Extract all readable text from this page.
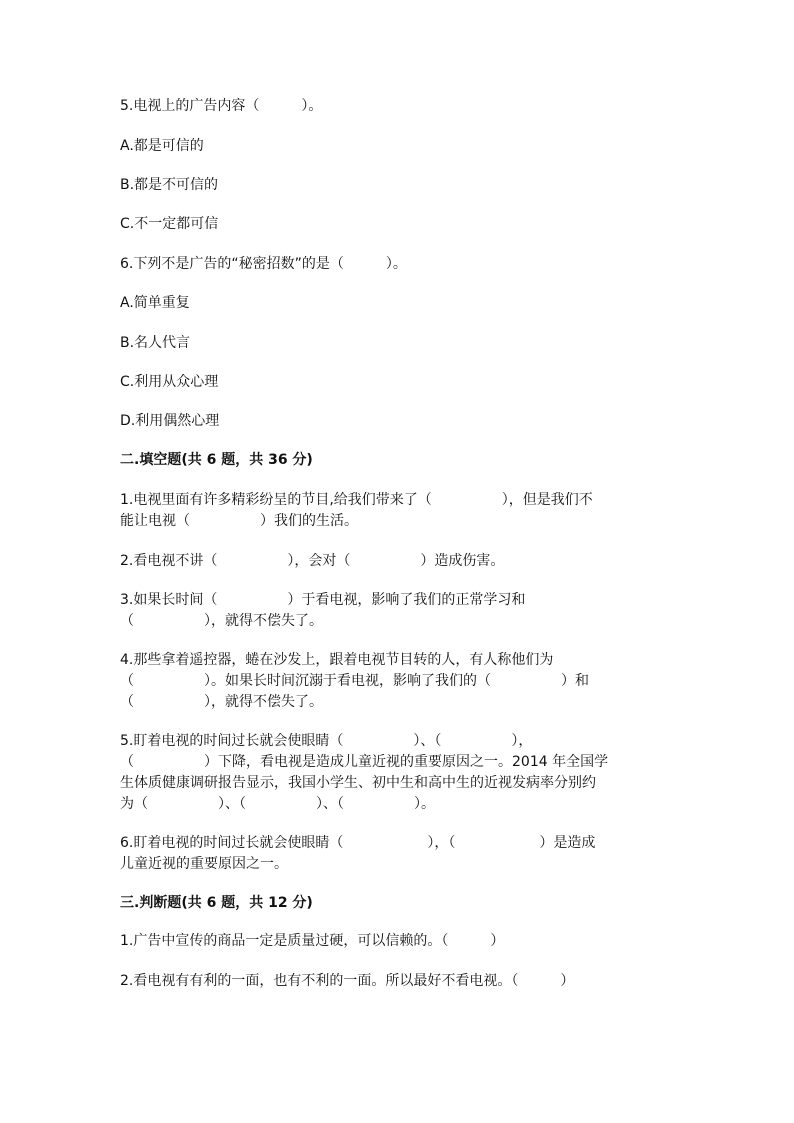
5.电视上的广告内容（　　　）。
A.都是可信的
B.都是不可信的
C.不一定都可信
6.下列不是广告的“秘密招数”的是（　　　）。
A.简单重复
B.名人代言
C.利用从众心理
D.利用偶然心理
二.填空题(共 6 题，共 36 分)
1.电视里面有许多精彩纷呈的节目,给我们带来了（　　　　　），但是我们不
能让电视（　　　　　）我们的生活。
2.看电视不讲（　　　　　），会对（　　　　　）造成伤害。
3.如果长时间（　　　　　）于看电视，影响了我们的正常学习和
（　　　　　），就得不偿失了。
4.那些拿着遥控器，蜷在沙发上，跟着电视节目转的人，有人称他们为
（　　　　　）。如果长时间沉溺于看电视，影响了我们的（　　　　　）和
（　　　　　），就得不偿失了。
5.盯着电视的时间过长就会使眼睛（　　　　　）、（　　　　　），
（　　　　　）下降，看电视是造成儿童近视的重要原因之一。2014 年全国学
生体质健康调研报告显示，我国小学生、初中生和高中生的近视发病率分别约
为（　　　　　）、（　　　　　）、（　　　　　）。
6.盯着电视的时间过长就会使眼睛（　　　　　　），（　　　　　　）是造成
儿童近视的重要原因之一。
三.判断题(共 6 题，共 12 分)
1.广告中宣传的商品一定是质量过硬，可以信赖的。（　　　）
2.看电视有有利的一面，也有不利的一面。所以最好不看电视。（　　　）
